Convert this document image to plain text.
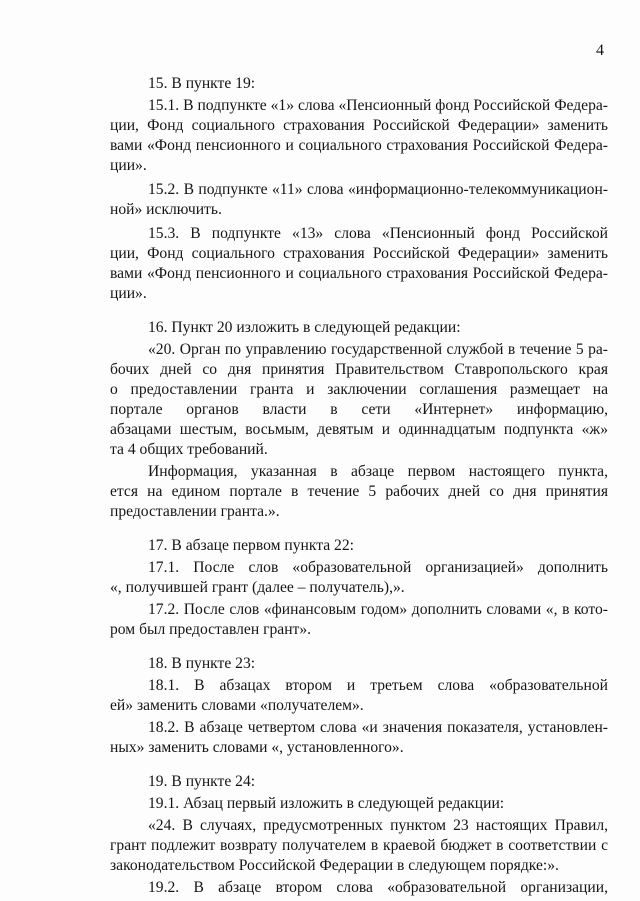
4
15. В пункте 19:
15.1. В подпункте «1» слова «Пенсионный фонд Российской Федера-
ции, Фонд социального страхования Российской Федерации» заменить
вами «Фонд пенсионного и социального страхования Российской Федера-
ции».
15.2. В подпункте «11» слова «информационно-телекоммуникацион-
ной» исключить.
15.3. В подпункте «13» слова «Пенсионный фонд Российской
ции, Фонд социального страхования Российской Федерации» заменить
вами «Фонд пенсионного и социального страхования Российской Федера-
ции».
16. Пункт 20 изложить в следующей редакции:
«20. Орган по управлению государственной службой в течение 5 ра-
бочих дней со дня принятия Правительством Ставропольского края
о предоставлении гранта и заключении соглашения размещает на
портале органов власти в сети «Интернет» информацию,
абзацами шестым, восьмым, девятым и одиннадцатым подпункта «ж»
та 4 общих требований.
Информация, указанная в абзаце первом настоящего пункта,
ется на едином портале в течение 5 рабочих дней со дня принятия
предоставлении гранта.».
17. В абзаце первом пункта 22:
17.1. После слов «образовательной организацией» дополнить
«, получившей грант (далее – получатель),».
17.2. После слов «финансовым годом» дополнить словами «, в кото-
ром был предоставлен грант».
18. В пункте 23:
18.1. В абзацах втором и третьем слова «образовательной
ей» заменить словами «получателем».
18.2. В абзаце четвертом слова «и значения показателя, установлен-
ных» заменить словами «, установленного».
19. В пункте 24:
19.1. Абзац первый изложить в следующей редакции:
«24. В случаях, предусмотренных пунктом 23 настоящих Правил,
грант подлежит возврату получателем в краевой бюджет в соответствии с
законодательством Российской Федерации в следующем порядке:».
19.2. В абзаце втором слова «образовательной организации,
